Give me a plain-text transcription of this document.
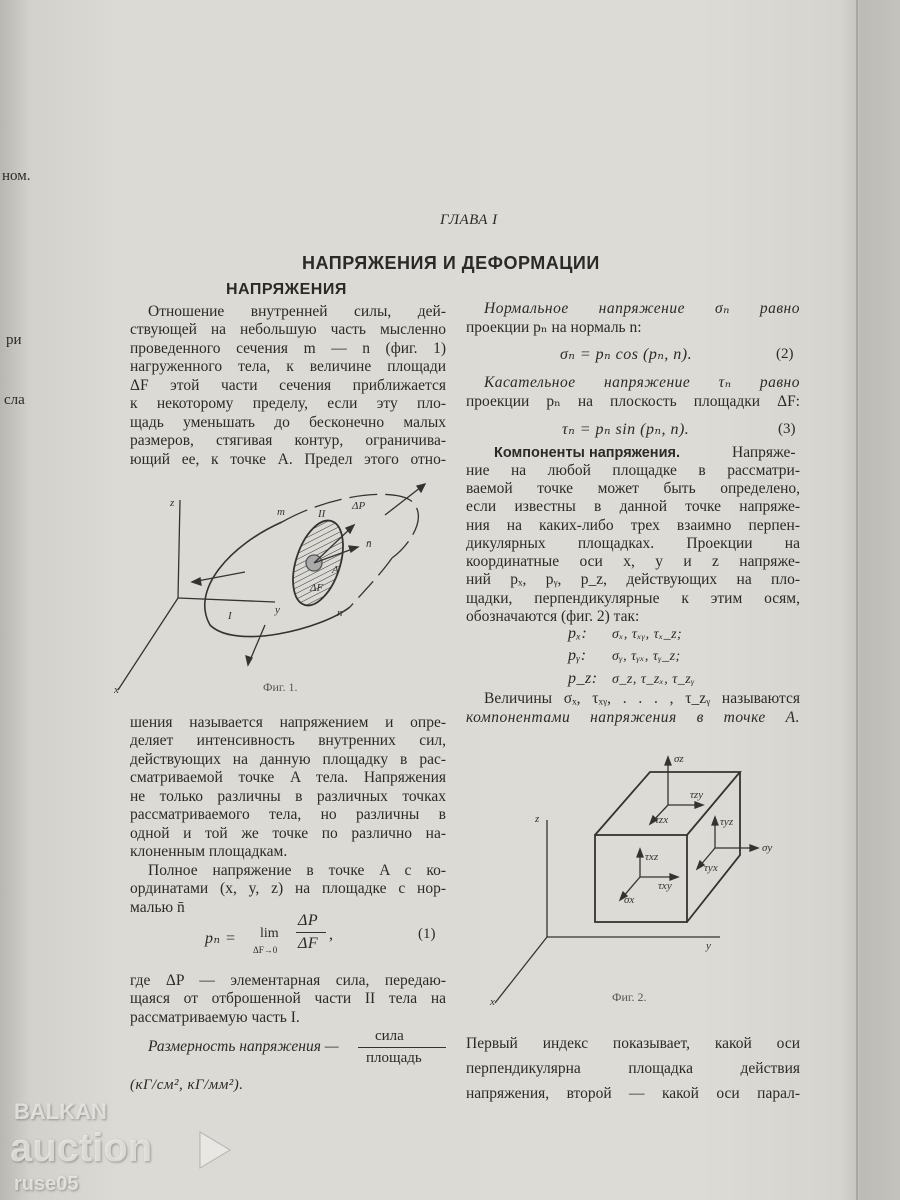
ном.
ри
сла
ГЛАВА I
НАПРЯЖЕНИЯ И ДЕФОРМАЦИИ
НАПРЯЖЕНИЯ
Отношение внутренней силы, дей-
ствующей на небольшую часть мысленно
проведенного сечения m — n (фиг. 1)
нагруженного тела, к величине площади
ΔF этой части сечения приближается
к некоторому пределу, если эту пло-
щадь уменьшать до бесконечно малых
размеров, стягивая контур, ограничива-
ющий ее, к точке A. Предел этого отно-
z
x
y
m
n
I
II
ΔP
n̄
A
ΔF
Фиг. 1.
шения называется напряжением и опре-
деляет интенсивность внутренних сил,
действующих на данную площадку в рас-
сматриваемой точке A тела. Напряжения
не только различны в различных точках
рассматриваемого тела, но различны в
одной и той же точке по различно на-
клоненным площадкам.
Полное напряжение в точке A с ко-
ординатами (x, y, z) на площадке с нор-
малью n̄
pₙ = lim
ΔF→0
ΔP
ΔF
,	(1)
где ΔP — элементарная сила, передаю-
щаяся от отброшенной части II тела на
рассматриваемую часть I.
Размерность напряжения —
сила
площадь
(кГ/см², кГ/мм²).
Нормальное напряжение σₙ равно
проекции pₙ на нормаль n:
σₙ = pₙ cos (pₙ, n).	(2)
Касательное напряжение τₙ равно
проекции pₙ на плоскость площадки ΔF:
τₙ = pₙ sin (pₙ, n).	(3)
Компоненты напряжения.	Напряже-
ние на любой площадке в рассматри-
ваемой точке может быть определено,
если известны в данной точке напряже-
ния на каких-либо трех взаимно перпен-
дикулярных площадках. Проекции на
координатные оси x, y и z напряже-
ний pₓ, pᵧ, p_z, действующих на пло-
щадки, перпендикулярные к этим осям,
обозначаются (фиг. 2) так:
pₓ: σₓ, τₓᵧ, τₓ_z;
pᵧ: σᵧ, τᵧₓ, τᵧ_z;
p_z: σ_z, τ_zₓ, τ_zᵧ
Величины σₓ, τₓᵧ, . . . , τ_zᵧ называются
компонентами напряжения в точке A.
z
y
x
σz
τzy
τzx	τyz
σy
τyx
τxz
τxy
σx
Фиг. 2.
Первый индекс показывает, какой оси
перпендикулярна площадка действия
напряжения, второй — какой оси парал-
BALKAN
auction
ruse05
